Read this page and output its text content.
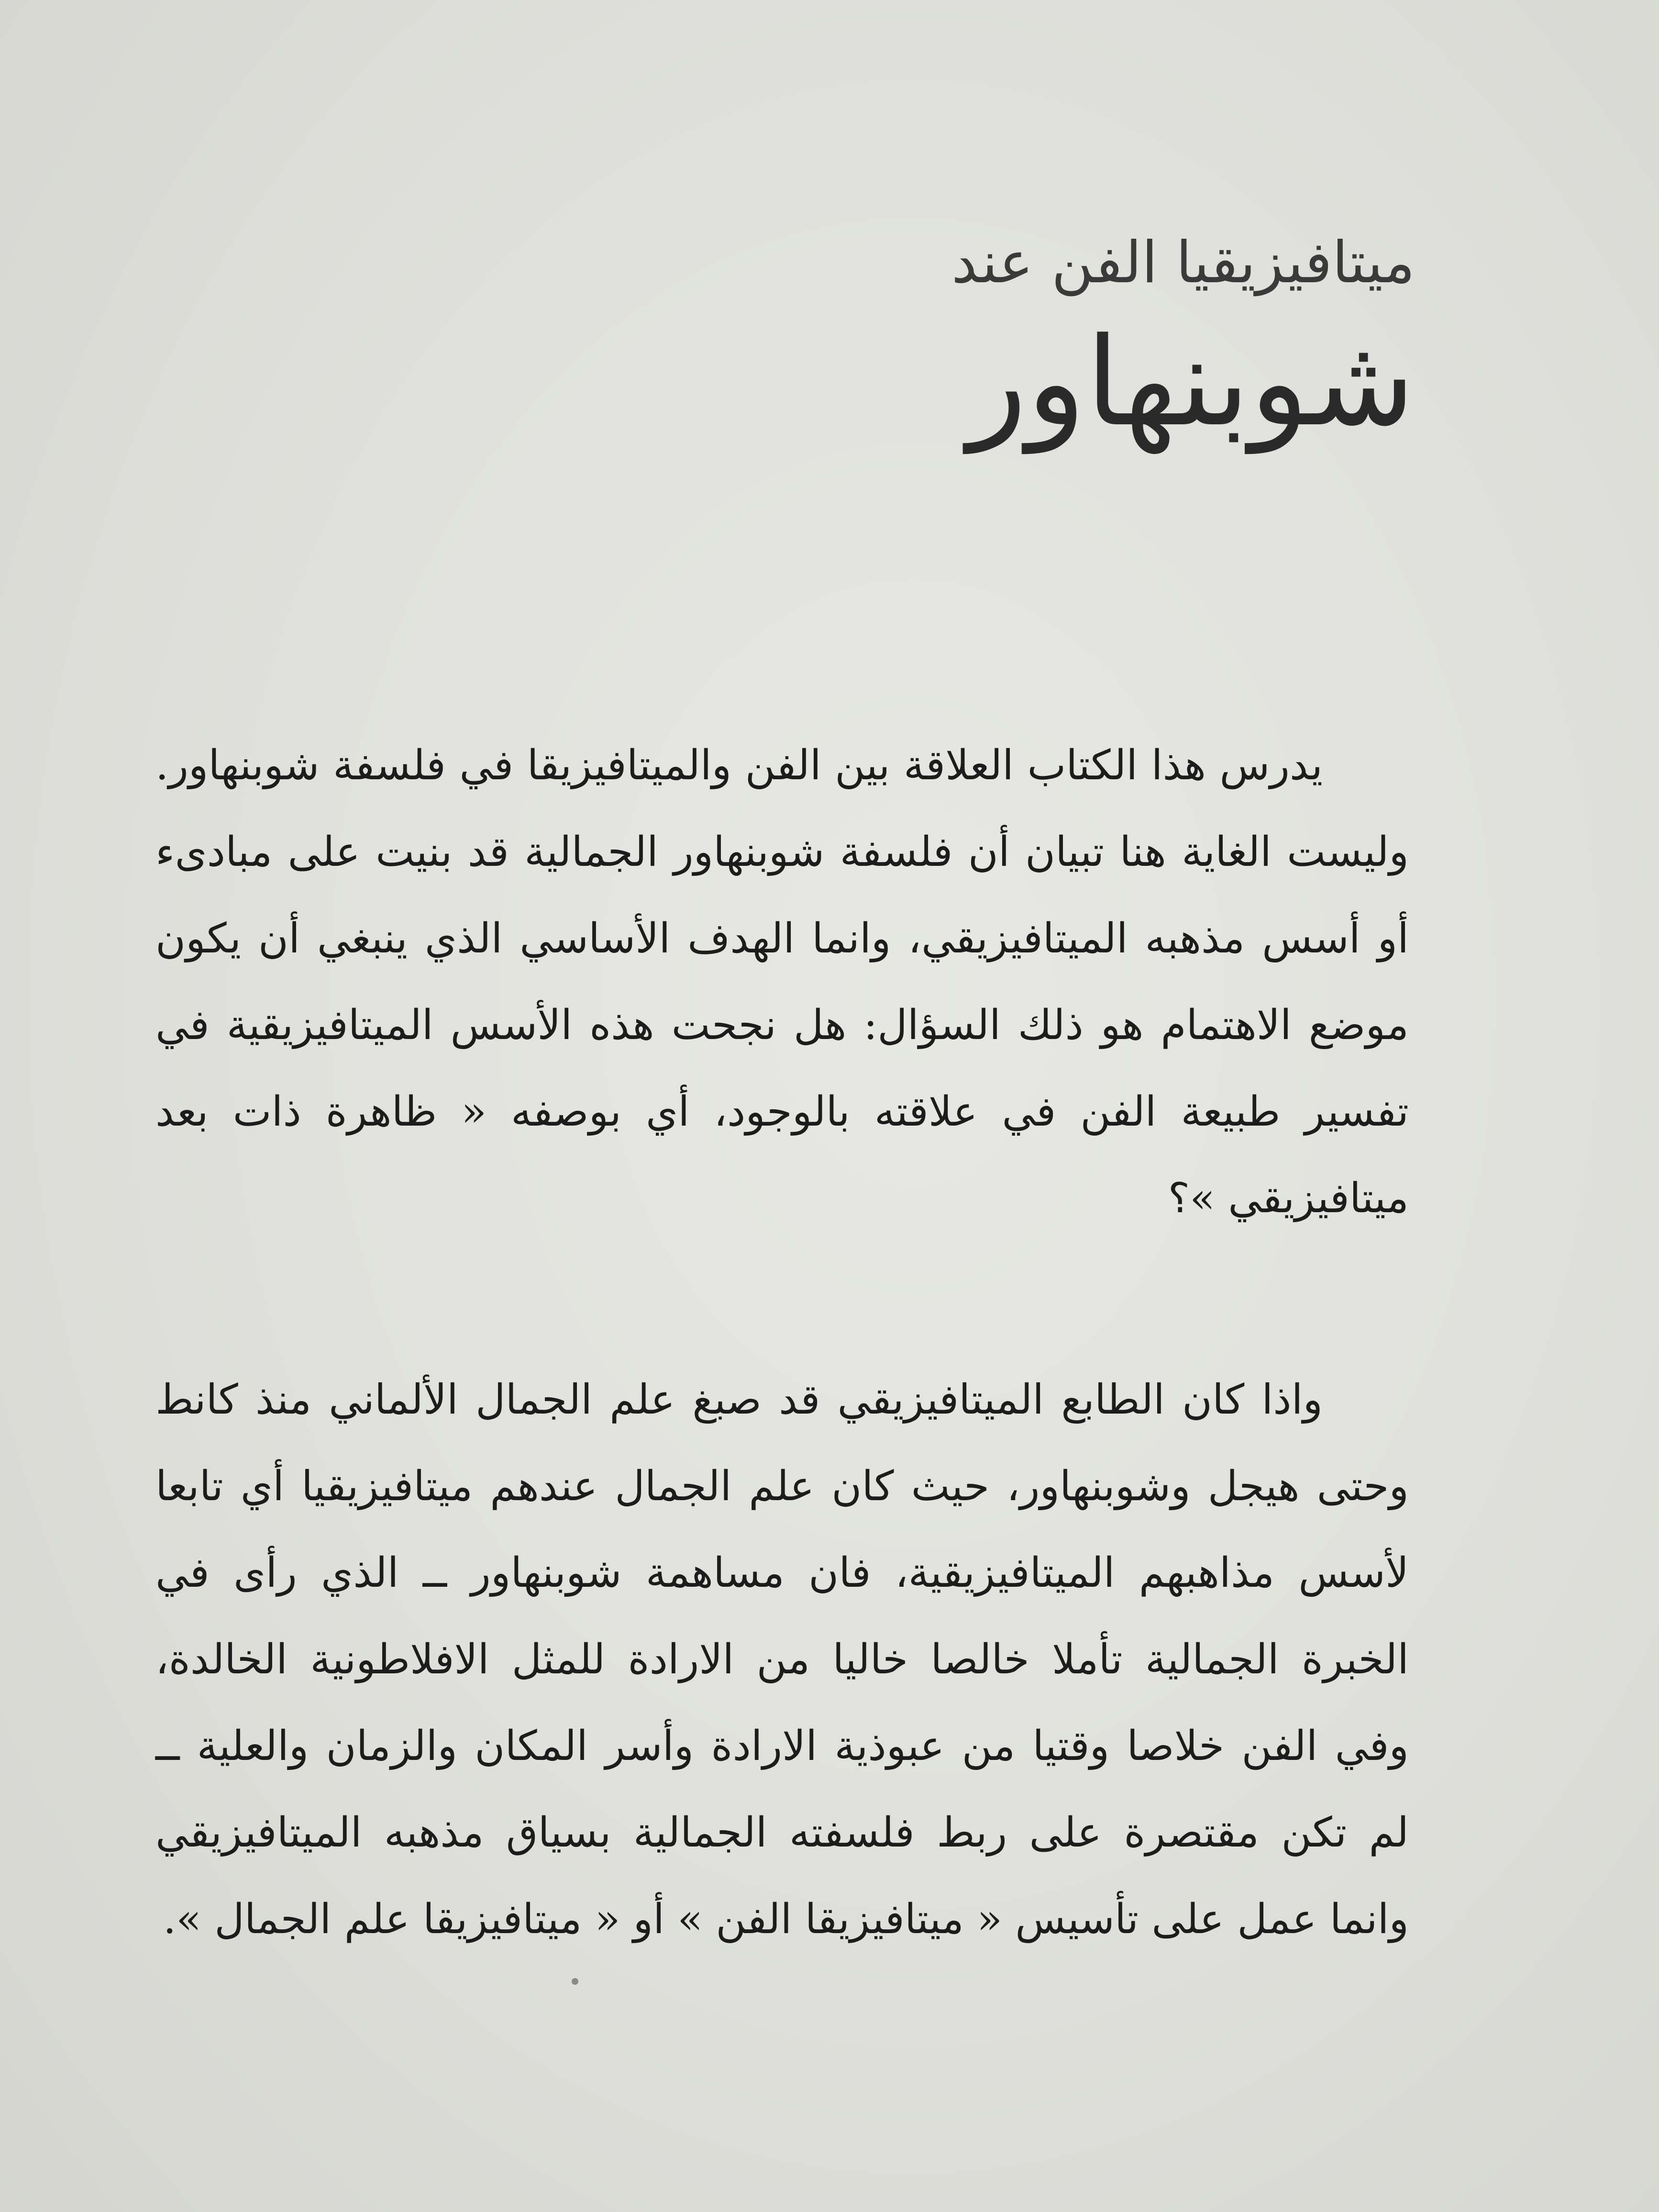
ميتافيزيقيا الفن عند
شوبنهاور

يدرس هذا الكتاب العلاقة بين الفن والميتافيزيقا في فلسفة شوبنهاور. وليست الغاية هنا تبيان أن فلسفة شوبنهاور الجمالية قد بنيت على مبادىء أو أسس مذهبه الميتافيزيقي، وانما الهدف الأساسي الذي ينبغي أن يكون موضع الاهتمام هو ذلك السؤال: هل نجحت هذه الأسس الميتافيزيقية في تفسير طبيعة الفن في علاقته بالوجود، أي بوصفه « ظاهرة ذات بعد ميتافيزيقي »؟

واذا كان الطابع الميتافيزيقي قد صبغ علم الجمال الألماني منذ كانط وحتى هيجل وشوبنهاور، حيث كان علم الجمال عندهم ميتافيزيقيا أي تابعا لأسس مذاهبهم الميتافيزيقية، فان مساهمة شوبنهاور ــ الذي رأى في الخبرة الجمالية تأملا خالصا خاليا من الارادة للمثل الافلاطونية الخالدة، وفي الفن خلاصا وقتيا من عبوذية الارادة وأسر المكان والزمان والعلية ــ لم تكن مقتصرة على ربط فلسفته الجمالية بسياق مذهبه الميتافيزيقي وانما عمل على تأسيس « ميتافيزيقا الفن » أو « ميتافيزيقا علم الجمال ».
